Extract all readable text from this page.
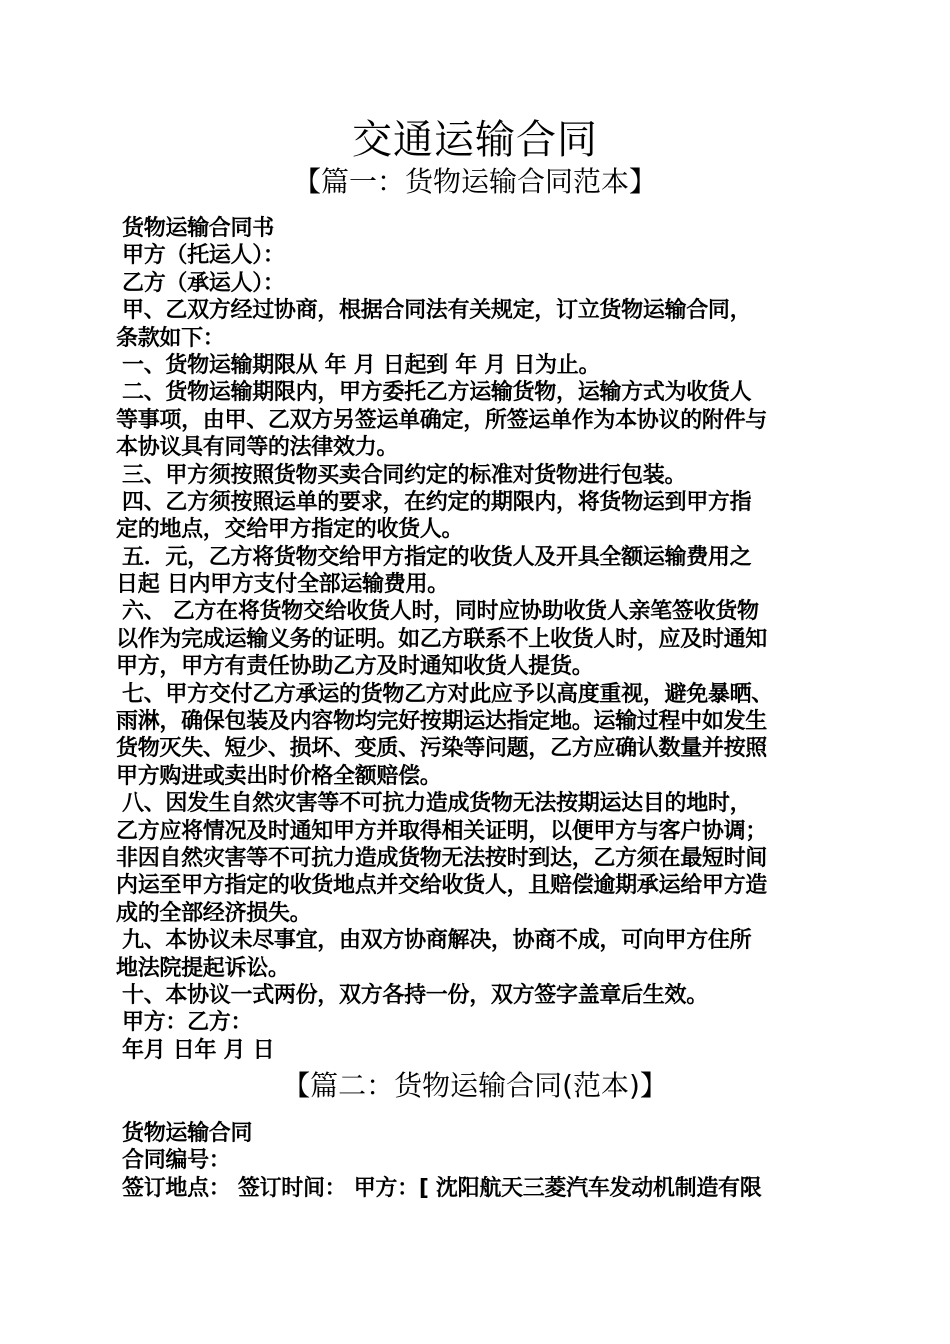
交通运输合同
【篇一：货物运输合同范本】
货物运输合同书
甲方（托运人）：
乙方（承运人）：
甲、乙双方经过协商，根据合同法有关规定，订立货物运输合同，
条款如下：
一、货物运输期限从 年 月 日起到 年 月 日为止。
二、货物运输期限内，甲方委托乙方运输货物，运输方式为收货人
等事项，由甲、乙双方另签运单确定，所签运单作为本协议的附件与
本协议具有同等的法律效力。
三、甲方须按照货物买卖合同约定的标准对货物进行包装。
四、乙方须按照运单的要求，在约定的期限内，将货物运到甲方指
定的地点，交给甲方指定的收货人。
五．元，乙方将货物交给甲方指定的收货人及开具全额运输费用之
日起 日内甲方支付全部运输费用。
六、 乙方在将货物交给收货人时，同时应协助收货人亲笔签收货物
以作为完成运输义务的证明。如乙方联系不上收货人时，应及时通知
甲方，甲方有责任协助乙方及时通知收货人提货。
七、甲方交付乙方承运的货物乙方对此应予以高度重视，避免暴晒、
雨淋，确保包装及内容物均完好按期运达指定地。运输过程中如发生
货物灭失、短少、损坏、变质、污染等问题，乙方应确认数量并按照
甲方购进或卖出时价格全额赔偿。
八、因发生自然灾害等不可抗力造成货物无法按期运达目的地时，
乙方应将情况及时通知甲方并取得相关证明，以便甲方与客户协调；
非因自然灾害等不可抗力造成货物无法按时到达，乙方须在最短时间
内运至甲方指定的收货地点并交给收货人，且赔偿逾期承运给甲方造
成的全部经济损失。
九、本协议未尽事宜，由双方协商解决，协商不成，可向甲方住所
地法院提起诉讼。
十、本协议一式两份，双方各持一份，双方签字盖章后生效。
甲方：乙方：
年月 日年 月 日
【篇二：货物运输合同(范本)】
货物运输合同
合同编号：
签订地点： 签订时间： 甲方：[ 沈阳航天三菱汽车发动机制造有限
